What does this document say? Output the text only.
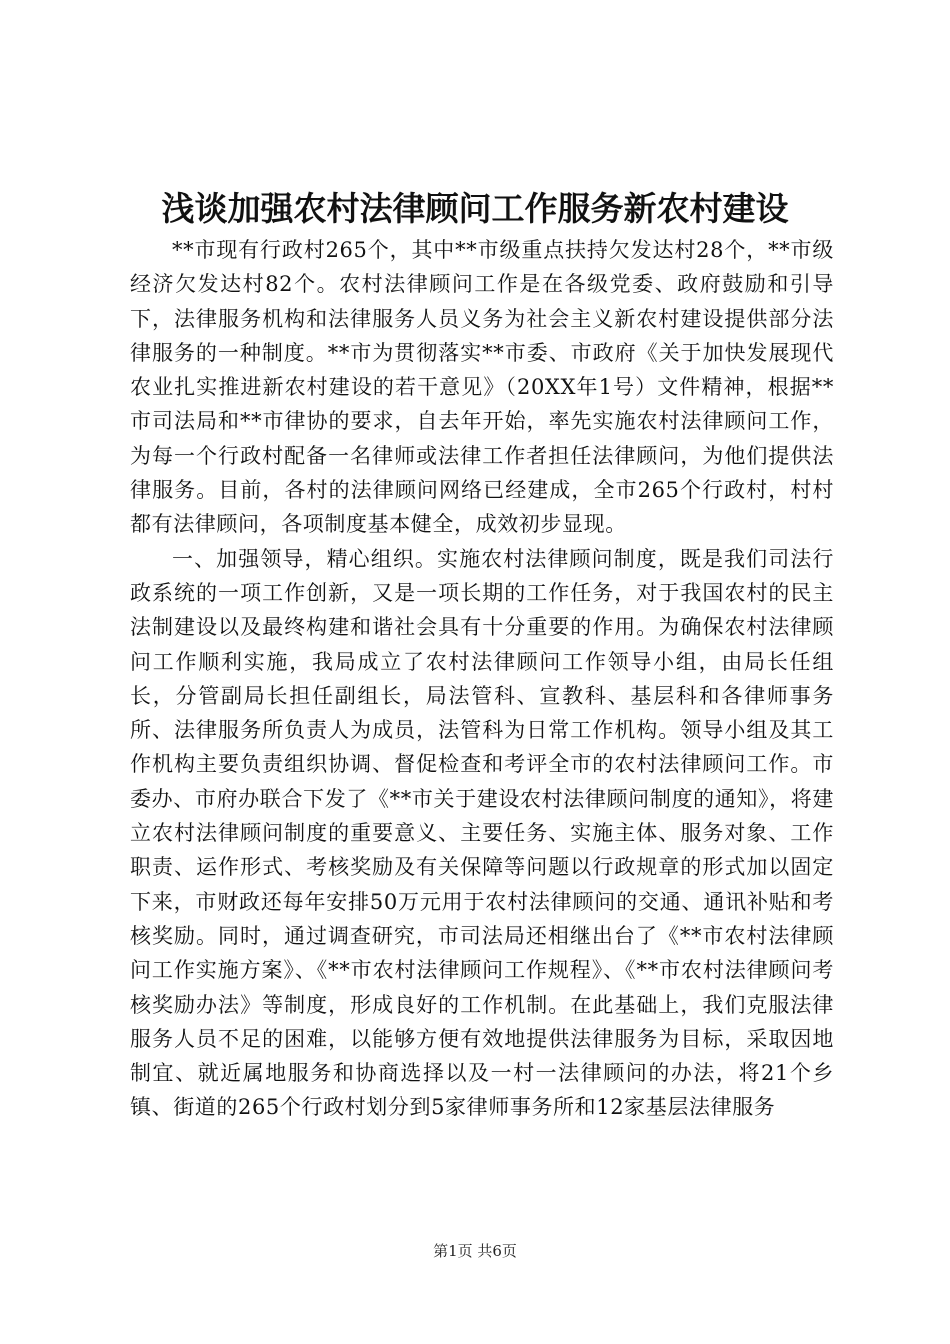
浅谈加强农村法律顾问工作服务新农村建设

**市现有行政村265个，其中**市级重点扶持欠发达村28个，**市级经济欠发达村82个。农村法律顾问工作是在各级党委、政府鼓励和引导下，法律服务机构和法律服务人员义务为社会主义新农村建设提供部分法律服务的一种制度。**市为贯彻落实**市委、市政府《关于加快发展现代农业扎实推进新农村建设的若干意见》（20XX年1号）文件精神，根据**市司法局和**市律协的要求，自去年开始，率先实施农村法律顾问工作，为每一个行政村配备一名律师或法律工作者担任法律顾问，为他们提供法律服务。目前，各村的法律顾问网络已经建成，全市265个行政村，村村都有法律顾问，各项制度基本健全，成效初步显现。

一、加强领导，精心组织。实施农村法律顾问制度，既是我们司法行政系统的一项工作创新，又是一项长期的工作任务，对于我国农村的民主法制建设以及最终构建和谐社会具有十分重要的作用。为确保农村法律顾问工作顺利实施，我局成立了农村法律顾问工作领导小组，由局长任组长，分管副局长担任副组长，局法管科、宣教科、基层科和各律师事务所、法律服务所负责人为成员，法管科为日常工作机构。领导小组及其工作机构主要负责组织协调、督促检查和考评全市的农村法律顾问工作。市委办、市府办联合下发了《**市关于建设农村法律顾问制度的通知》，将建立农村法律顾问制度的重要意义、主要任务、实施主体、服务对象、工作职责、运作形式、考核奖励及有关保障等问题以行政规章的形式加以固定下来，市财政还每年安排50万元用于农村法律顾问的交通、通讯补贴和考核奖励。同时，通过调查研究，市司法局还相继出台了《**市农村法律顾问工作实施方案》、《**市农村法律顾问工作规程》、《**市农村法律顾问考核奖励办法》等制度，形成良好的工作机制。在此基础上，我们克服法律服务人员不足的困难，以能够方便有效地提供法律服务为目标，采取因地制宜、就近属地服务和协商选择以及一村一法律顾问的办法，将21个乡镇、街道的265个行政村划分到5家律师事务所和12家基层法律服务

第1页 共6页
